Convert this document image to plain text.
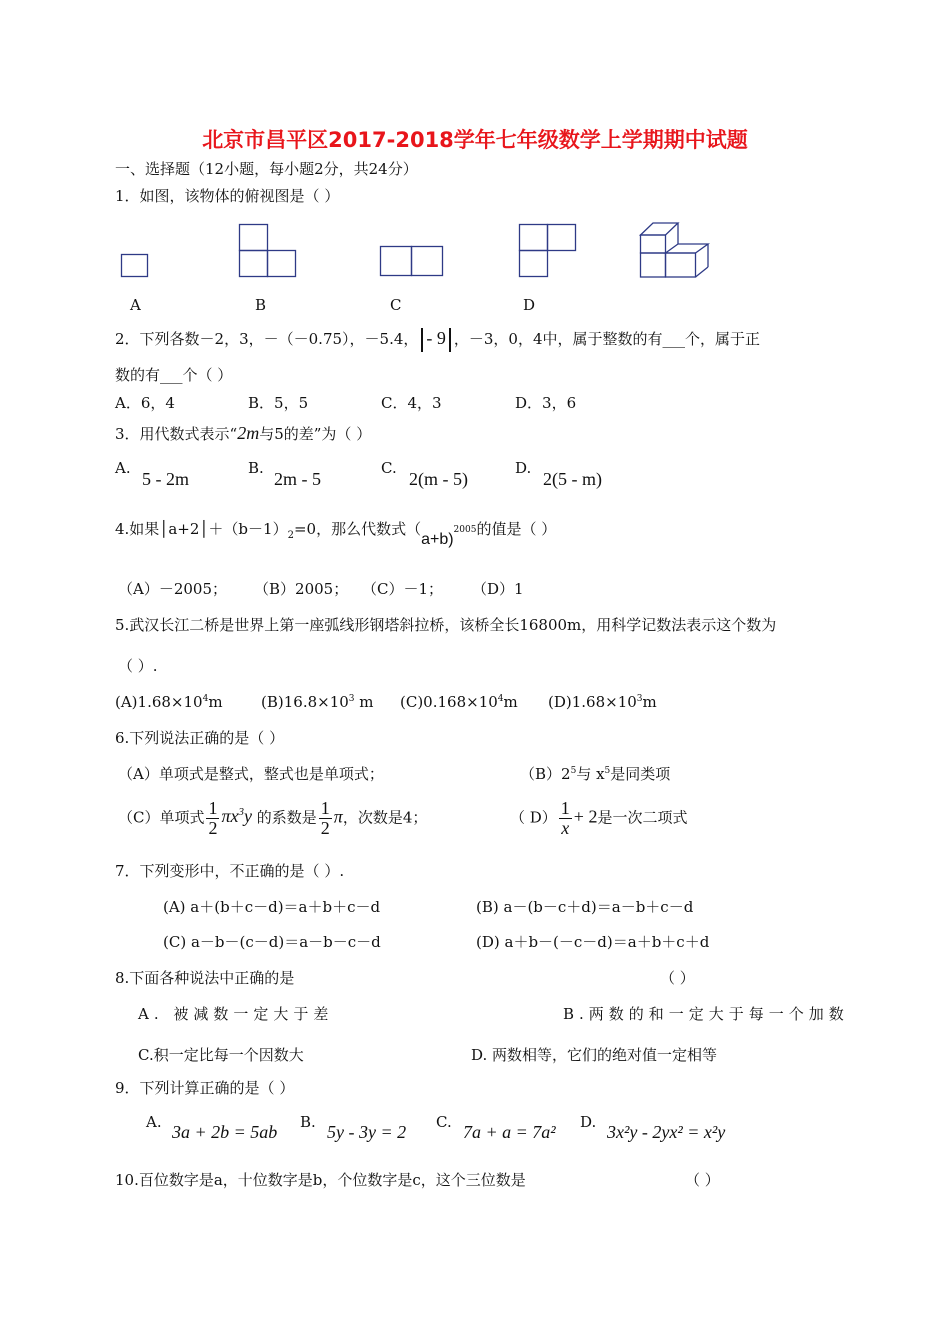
北京市昌平区2017-2018学年七年级数学上学期期中试题
一、选择题（12小题，每小题2分，共24分）
1．如图，该物体的俯视图是（ ）
A	B	C	D
2．下列各数－2，3，－（－0.75），－5.4， - 9 ，－3，0，4中，属于整数的有___个，属于正
数的有___个（ ）
A．6，4	B．5，5	C．4，3	D．3，6
3．用代数式表示“2m与5的差”为（ ）
A.
5 - 2m
B.
2m - 5
C.
2(m - 5)
D.
2(5 - m)
4.如果$│a+2│+(b-1)_2=0$，那么代数式（a+b)$^{2005}$的值是（ ）
（A）－2005； （B）2005； （C）－1； （D）1
5.武汉长江二桥是世界上第一座弧线形钢塔斜拉桥，该桥全长16800m，用科学记数法表示这个数为
（ ）.
$(A)1.68\times 10^4m$	$(B)16.8\times 10^3$ m $(C)0.168\times 10^4m$ $(D)1.68\times 10^3m$
6.下列说法正确的是（ ）
（A）单项式是整式，整式也是单项式；	$(B)2^5$与 $x^5$是同类项
（C）单项式 $\frac{1}{2} \pi x^3y$ 的系数是 $\frac{1}{2}$ π，次数是4；	（ $D) \frac{1}{x} + 2$是一次二项式
7．下列变形中，不正确的是（ ）.
(A) a＋(b＋c－d)＝a＋b＋c－d	(B) a－(b－c＋d)＝a－b＋c－d
(C) a－b－(c－d)＝a－b－c－d	(D) a＋b－(－c－d)＝a＋b＋c＋d
8.下面各种说法中正确的是	（ ）
A. 被减数一定大于差	B.两数的和一定大于每一个加数
C.积一定比每一个因数大	D. 两数相等，它们的绝对值一定相等
9．下列计算正确的是（ ）
A. 3a + 2b = 5ab B. 5y - 3y = 2 C. 7a + a = 7a² D. 3x²y - 2yx² = x²y
10.百位数字是a，十位数字是b，个位数字是c，这个三位数是	（ ）
